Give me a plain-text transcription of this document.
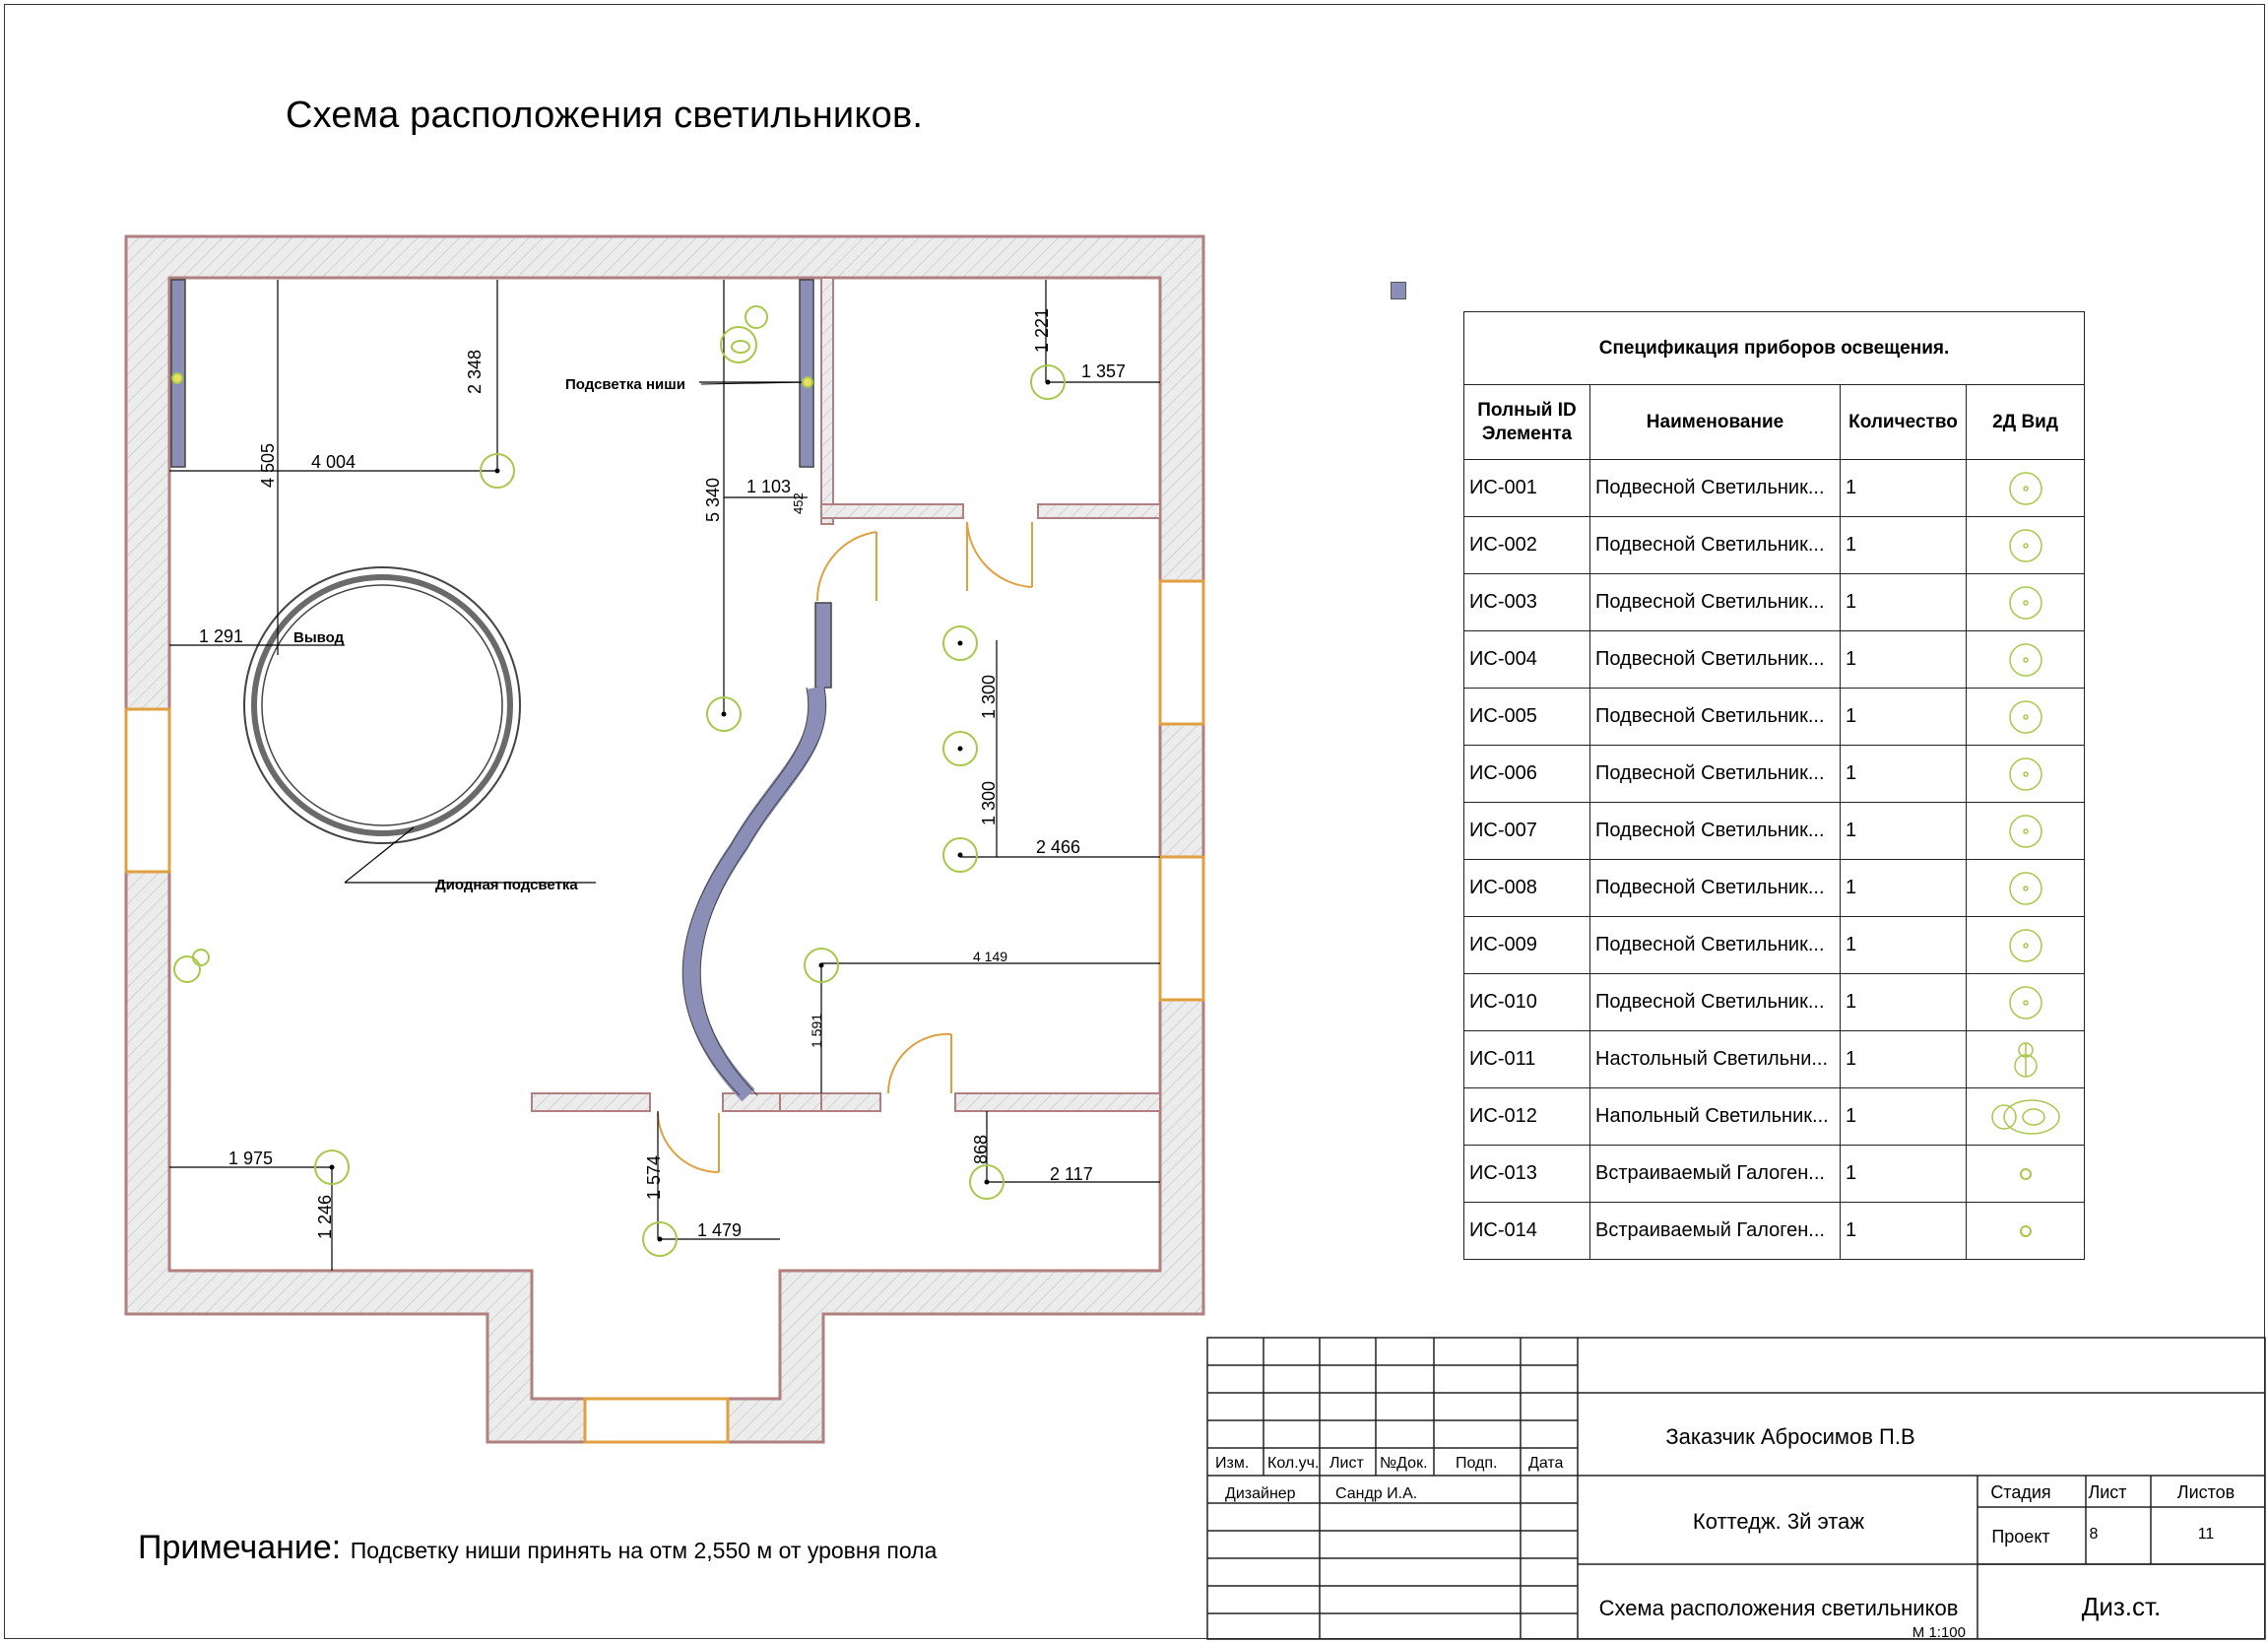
Схема расположения светильников.
2 348
4 505 4 004
1 291
5 340 1 103
452
1 221
1 357
1 300
1 300
2 466
4 149
1 591
1 975
1 246
1 574
1 479
868
2 117
Подсветка ниши
Вывод
Диодная подсветка
Спецификация приборов освещения.			
Полный ID Элемента	Наименование	Количество	2Д Вид
ИС-001	Подвесной Светильник...	1	
ИС-002	Подвесной Светильник...	1	
ИС-003	Подвесной Светильник...	1	
ИС-004	Подвесной Светильник...	1	
ИС-005	Подвесной Светильник...	1	
ИС-006	Подвесной Светильник...	1	
ИС-007	Подвесной Светильник...	1	
ИС-008	Подвесной Светильник...	1	
ИС-009	Подвесной Светильник...	1	
ИС-010	Подвесной Светильник...	1	
ИС-011	Настольный Светильни...	1	
ИС-012	Напольный Светильник...	1	
ИС-013	Встраиваемый Галоген...	1	
ИС-014	Встраиваемый Галоген...	1	
Примечание: Подсветку ниши принять на отм 2,550 м от уровня пола
Изм. Кол.уч. Лист №Док. Подп. Дата
Дизайнер	Сандр И.А.
Заказчик Абросимов П.В
Коттедж. 3й этаж
Стадия Лист	Листов
Проект 8	11
Схема расположения светильников
М 1:100
Диз.ст.
